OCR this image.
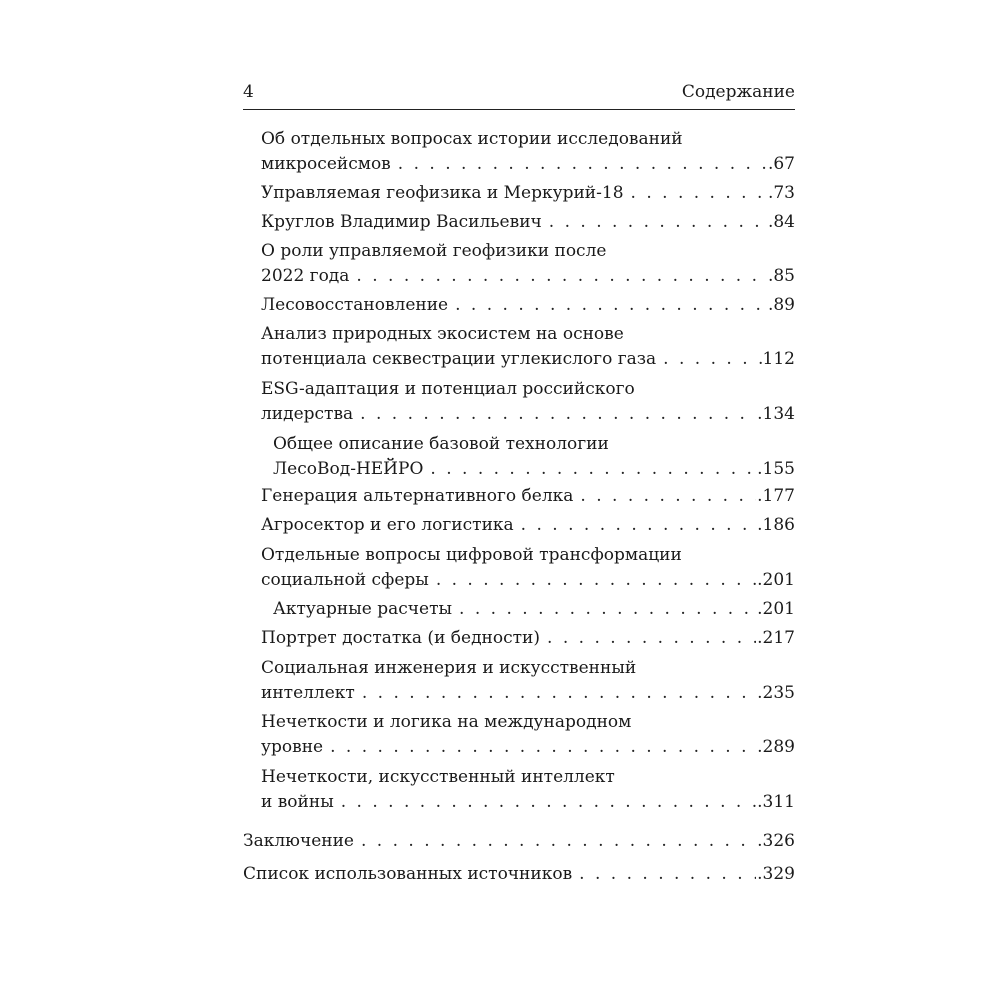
4	Содержание
Об отдельных вопросах истории исследований
микросейсмов . . .	.67
Управляемая геофизика и Меркурий-18 . . .	.73
Круглов Владимир Васильевич . . .	.84
О роли управляемой геофизики после
2022 года . . .	.85
Лесовосстановление . . .	.89
Анализ природных экосистем на основе
потенциала секвестрации углекислого газа . . .	112
ESG-адаптация и потенциал российского
лидерства . . .	.134
Общее описание базовой технологии
ЛесоВод-НЕЙРО . . .	.155
Генерация альтернативного белка . . .	.177
Агросектор и его логистика . . .	.186
Отдельные вопросы цифровой трансформации
социальной сферы . . .	.201
Актуарные расчеты . . .	.201
Портрет достатка (и бедности) . . .	.217
Социальная инженерия и искусственный
интеллект . . .	.235
Нечеткости и логика на международном
уровне . . .	.289
Нечеткости, искусственный интеллект
и войны . . .	.311
Заключение . . .	.326
Список использованных источников . . .	.329
